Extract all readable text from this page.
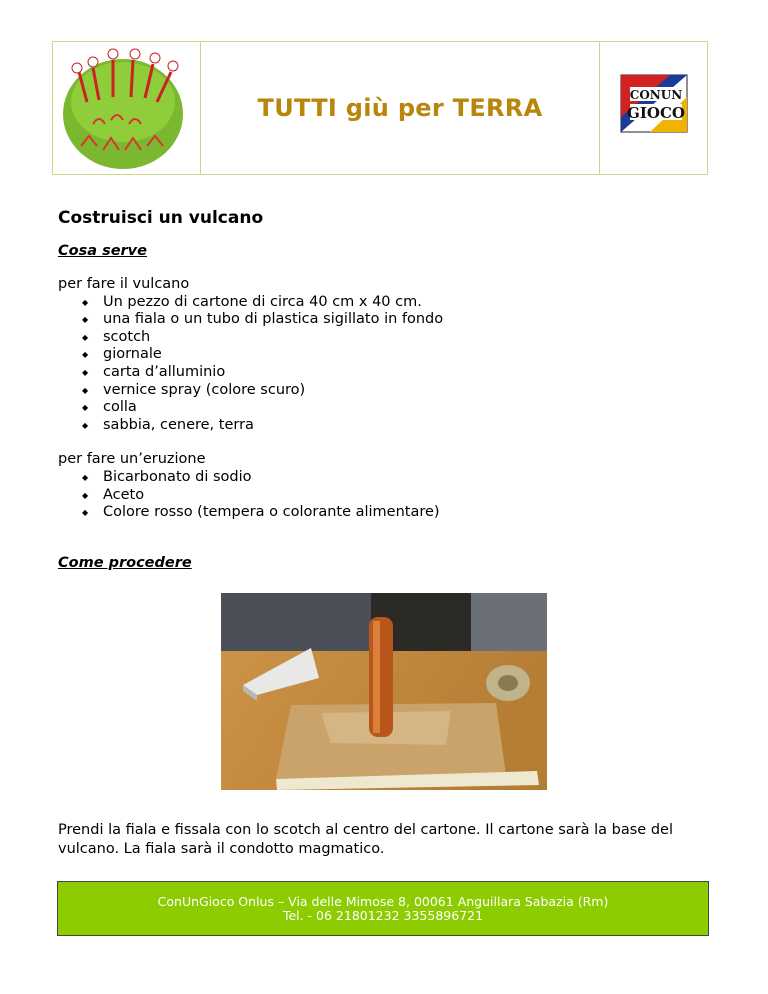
TUTTI giù per TERRA	CONUN
GIOCO
Costruisci un vulcano
Cosa serve

per fare il vulcano

◆ Un pezzo di cartone di circa 40 cm x 40 cm.
◆ una fiala o un tubo di plastica sigillato in fondo
◆ scotch
◆ giornale
◆ carta d’alluminio
◆ vernice spray (colore scuro)
◆ colla
◆ sabbia, cenere, terra

per fare un’eruzione

◆ Bicarbonato di sodio
◆ Aceto
◆ Colore rosso (tempera o colorante alimentare)
Come procedere

Prendi la fiala e fissala con lo scotch al centro del cartone. Il cartone sarà la base del vulcano. La fiala sarà il condotto magmatico.

ConUnGioco Onlus – Via delle Mimose 8, 00061 Anguillara Sabazia (Rm)
Tel. - 06 21801232 3355896721
